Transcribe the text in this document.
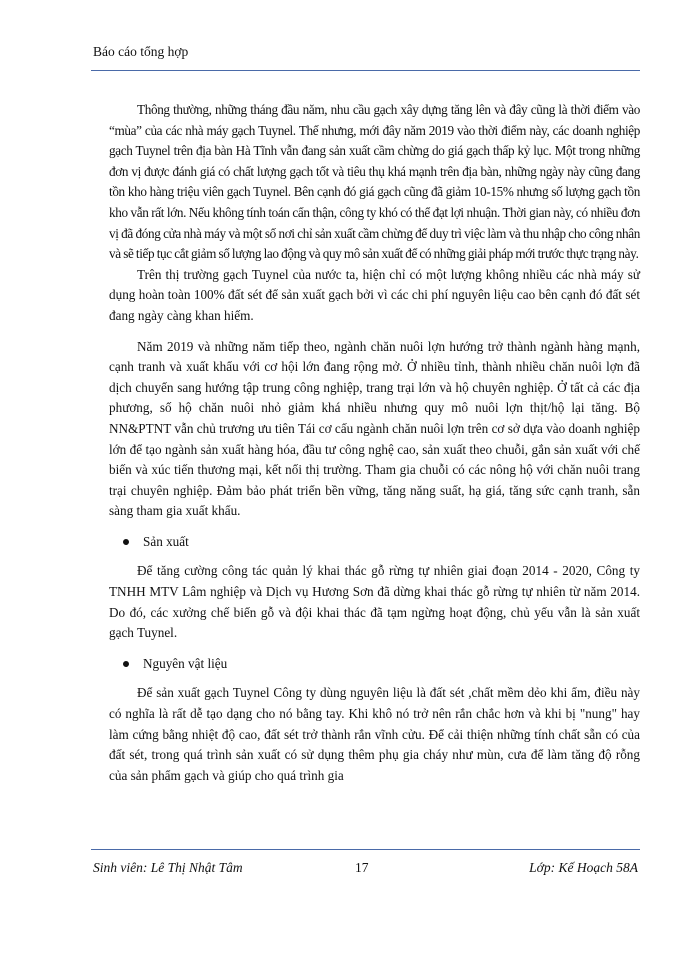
Báo cáo tổng hợp

Thông thường, những tháng đầu năm, nhu cầu gạch xây dựng tăng lên và đây cũng là thời điểm vào “mùa” của các nhà máy gạch Tuynel. Thế nhưng, mới đây năm 2019 vào thời điểm này, các doanh nghiệp gạch Tuynel trên địa bàn Hà Tĩnh vẫn đang sản xuất cầm chừng do giá gạch thấp kỷ lục. Một trong những đơn vị được đánh giá có chất lượng gạch tốt và tiêu thụ khá mạnh trên địa bàn, những ngày này cũng đang tồn kho hàng triệu viên gạch Tuynel. Bên cạnh đó giá gạch cũng đã giảm 10-15% nhưng số lượng gạch tồn kho vẫn rất lớn. Nếu không tính toán cẩn thận, công ty khó có thể đạt lợi nhuận. Thời gian này, có nhiều đơn vị đã đóng cửa nhà máy và một số nơi chỉ sản xuất cầm chừng để duy trì việc làm và thu nhập cho công nhân và sẽ tiếp tục cắt giảm số lượng lao động và quy mô sản xuất để có những giải pháp mới trước thực trạng này.

Trên thị trường gạch Tuynel của nước ta, hiện chỉ có một lượng không nhiều các nhà máy sử dụng hoàn toàn 100% đất sét để sản xuất gạch bởi vì các chi phí nguyên liệu cao bên cạnh đó đất sét đang ngày càng khan hiếm.

Năm 2019 và những năm tiếp theo, ngành chăn nuôi lợn hướng trở thành ngành hàng mạnh, cạnh tranh và xuất khẩu với cơ hội lớn đang rộng mở. Ở nhiều tỉnh, thành nhiều chăn nuôi lợn đã dịch chuyển sang hướng tập trung công nghiệp, trang trại lớn và hộ chuyên nghiệp. Ở tất cả các địa phương, số hộ chăn nuôi nhỏ giảm khá nhiều nhưng quy mô nuôi lợn thịt/hộ lại tăng. Bộ NN&PTNT vẫn chủ trương ưu tiên Tái cơ cấu ngành chăn nuôi lợn trên cơ sở dựa vào doanh nghiệp lớn để tạo ngành sản xuất hàng hóa, đầu tư công nghệ cao, sản xuất theo chuỗi, gắn sản xuất với chế biến và xúc tiến thương mại, kết nối thị trường. Tham gia chuỗi có các nông hộ với chăn nuôi trang trại chuyên nghiệp. Đảm bảo phát triển bền vững, tăng năng suất, hạ giá, tăng sức cạnh tranh, sẵn sàng tham gia xuất khẩu.

Sản xuất

Để tăng cường công tác quản lý khai thác gỗ rừng tự nhiên giai đoạn 2014 - 2020, Công ty TNHH MTV Lâm nghiệp và Dịch vụ Hương Sơn đã dừng khai thác gỗ rừng tự nhiên từ năm 2014. Do đó, các xưởng chế biến gỗ và đội khai thác đã tạm ngừng hoạt động, chủ yếu vẫn là sản xuất gạch Tuynel.

Nguyên vật liệu

Để sản xuất gạch Tuynel Công ty dùng nguyên liệu là đất sét ,chất mềm dẻo khi ẩm, điều này có nghĩa là rất dễ tạo dạng cho nó bằng tay. Khi khô nó trở nên rắn chắc hơn và khi bị "nung" hay làm cứng bằng nhiệt độ cao, đất sét trở thành rắn vĩnh cửu. Để cải thiện những tính chất sẵn có của đất sét, trong quá trình sản xuất có sử dụng thêm phụ gia cháy như mùn, cưa để làm tăng độ rỗng của sản phẩm gạch và giúp cho quá trình gia

Sinh viên: Lê Thị Nhật Tâm	17	Lớp: Kế Hoạch 58A
